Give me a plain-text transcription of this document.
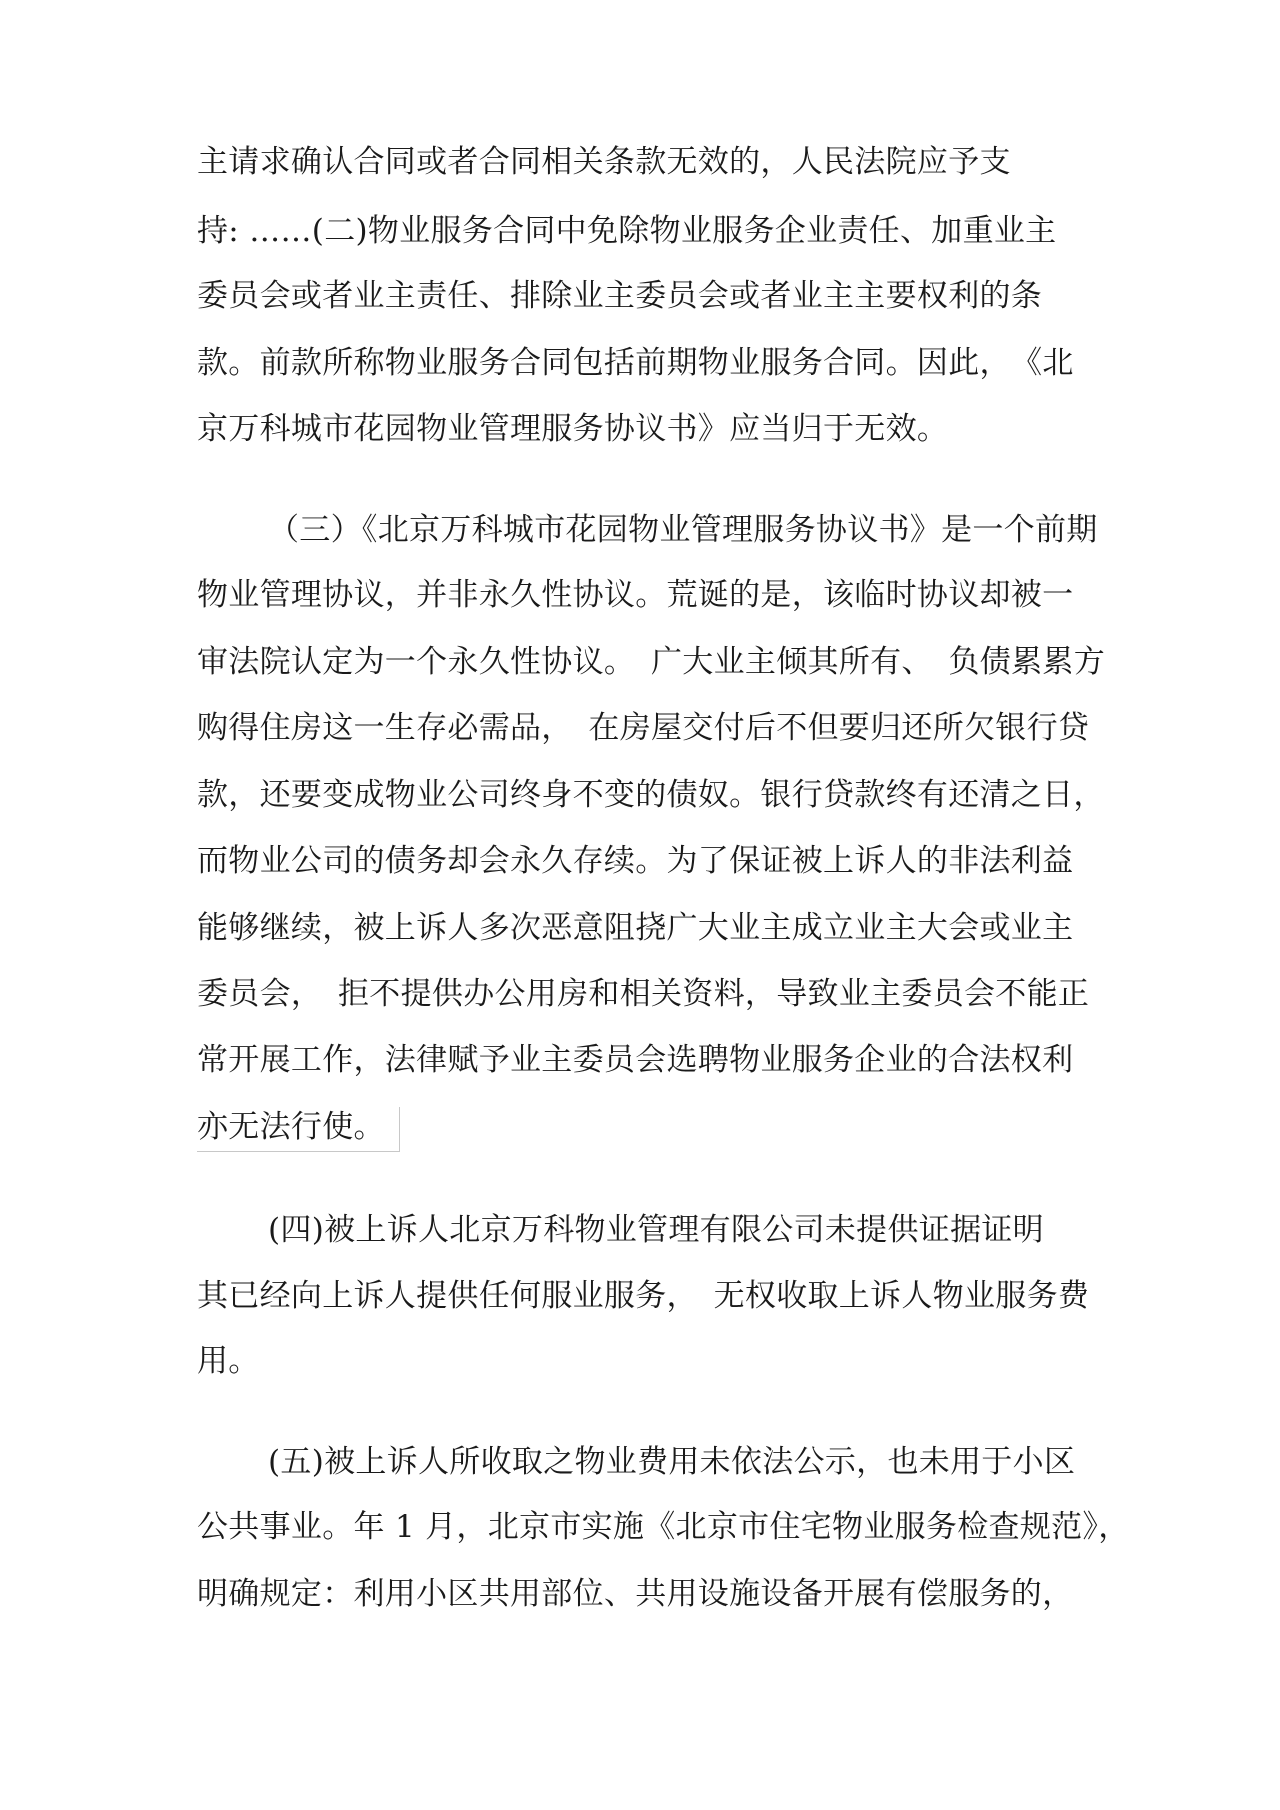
主请求确认合同或者合同相关条款无效的，人民法院应予支
持: ……(二)物业服务合同中免除物业服务企业责任、加重业主
委员会或者业主责任、排除业主委员会或者业主主要权利的条
款。前款所称物业服务合同包括前期物业服务合同。因此，　《北
京万科城市花园物业管理服务协议书》应当归于无效。
（三）《北京万科城市花园物业管理服务协议书》是一个前期
物业管理协议，并非永久性协议。荒诞的是，该临时协议却被一
审法院认定为一个永久性协议。　广大业主倾其所有、　负债累累方
购得住房这一生存必需品，　在房屋交付后不但要归还所欠银行贷
款，还要变成物业公司终身不变的债奴。银行贷款终有还清之日，
而物业公司的债务却会永久存续。为了保证被上诉人的非法利益
能够继续，被上诉人多次恶意阻挠广大业主成立业主大会或业主
委员会，　拒不提供办公用房和相关资料，导致业主委员会不能正
常开展工作，法律赋予业主委员会选聘物业服务企业的合法权利
亦无法行使。
(四)被上诉人北京万科物业管理有限公司未提供证据证明
其已经向上诉人提供任何服业服务，　无权收取上诉人物业服务费
用。
(五)被上诉人所收取之物业费用未依法公示，也未用于小区
公共事业。年 1 月，北京市实施《北京市住宅物业服务检查规范》，
明确规定：利用小区共用部位、共用设施设备开展有偿服务的，
